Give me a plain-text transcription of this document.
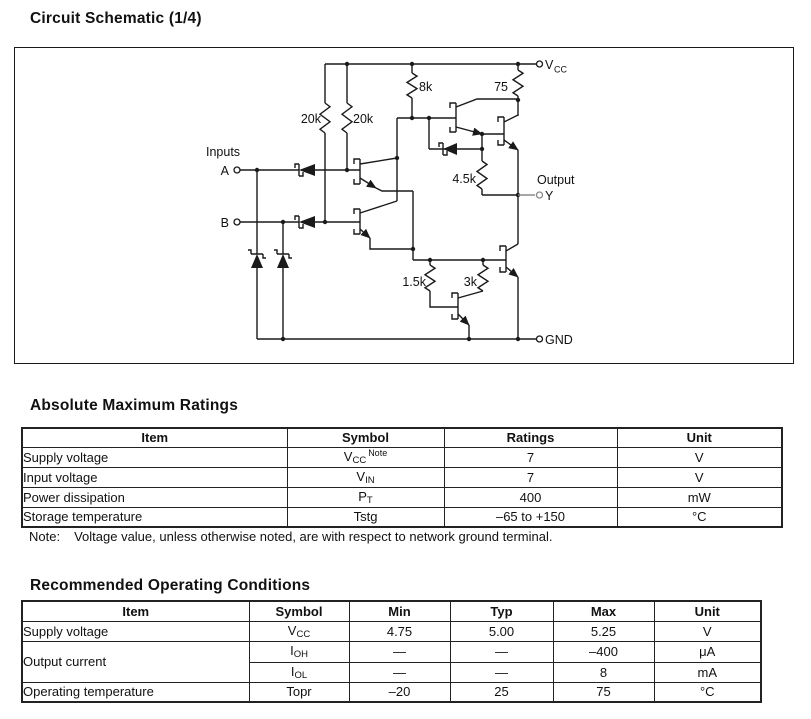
Circuit Schematic (1/4)
Inputs
A
B
20k	20k
8k	75
4.5k
1.5k	3k
Output
Y
V CC
GND
Absolute Maximum Ratings
Item	Symbol	Ratings	Unit
Supply voltage	$V_{CC}^{Note}$	7	V
Input voltage	$V_{IN}$	7	V
Power dissipation	$P_T$	400	mW
Storage temperature	Tstg	–65 to +150	°C
Note: Voltage value, unless otherwise noted, are with respect to network ground terminal.
Recommended Operating Conditions
Item	Symbol	Min	Typ	Max	Unit
Supply voltage	$V_{CC}$	4.75	5.00	5.25	V
Output current	$I_{OH}$	—	—	–400	μA
	$I_{OL}$	—	—	8	mA
Operating temperature	Topr	–20	25	75	°C
